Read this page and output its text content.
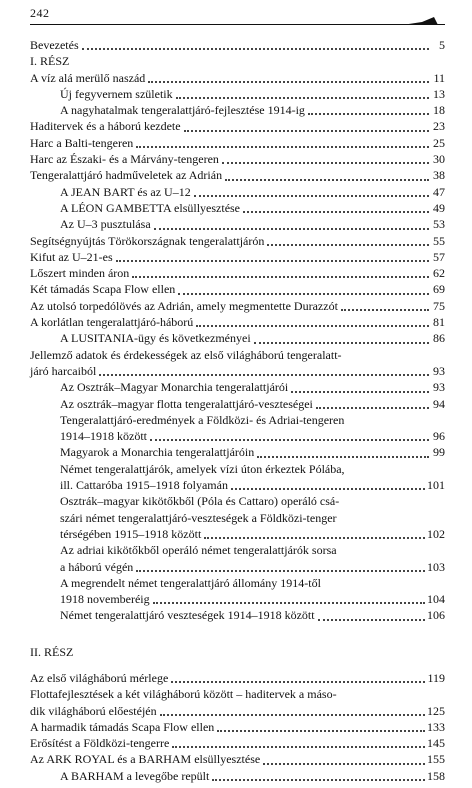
242
Bevezetés	5
I. RÉSZ
A víz alá merülő naszád	11
Új fegyvernem születik	13
A nagyhatalmak tengeralattjáró-fejlesztése 1914-ig	18
Haditervek és a háború kezdete	23
Harc a Balti-tengeren	25
Harc az Északi- és a Márvány-tengeren	30
Tengeralattjáró hadműveletek az Adrián	38
A JEAN BART és az U–12	47
A LÉON GAMBETTA elsüllyesztése	49
Az U–3 pusztulása	53
Segítségnyújtás Törökországnak tengeralattjárón	55
Kifut az U–21-es	57
Lőszert minden áron	62
Két támadás Scapa Flow ellen	69
Az utolsó torpedólövés az Adrián, amely megmentette Durazzót	75
A korlátlan tengeralattjáró-háború	81
A LUSITANIA-ügy és következményei	86
Jellemző adatok és érdekességek az első világháború tengeralatt-
járó harcaiból	93
Az Osztrák–Magyar Monarchia tengeralattjárói	93
Az osztrák–magyar flotta tengeralattjáró-veszteségei	94
Tengeralattjáró-eredmények a Földközi- és Adriai-tengeren
1914–1918 között	96
Magyarok a Monarchia tengeralattjáróin	99
Német tengeralattjárók, amelyek vízi úton érkeztek Pólába,
ill. Cattaróba 1915–1918 folyamán	101
Osztrák–magyar kikötőkből (Póla és Cattaro) operáló csá-
szári német tengeralattjáró-veszteségek a Földközi-tenger
térségében 1915–1918 között	102
Az adriai kikötőkből operáló német tengeralattjárók sorsa
a háború végén	103
A megrendelt német tengeralattjáró állomány 1914-től
1918 novemberéig	104
Német tengeralattjáró veszteségek 1914–1918 között	106
II. RÉSZ
Az első világháború mérlege	119
Flottafejlesztések a két világháború között – haditervek a máso-
dik világháború előestéjén	125
A harmadik támadás Scapa Flow ellen	133
Erősítést a Földközi-tengerre	145
Az ARK ROYAL és a BARHAM elsüllyesztése	155
A BARHAM a levegőbe repült	158
